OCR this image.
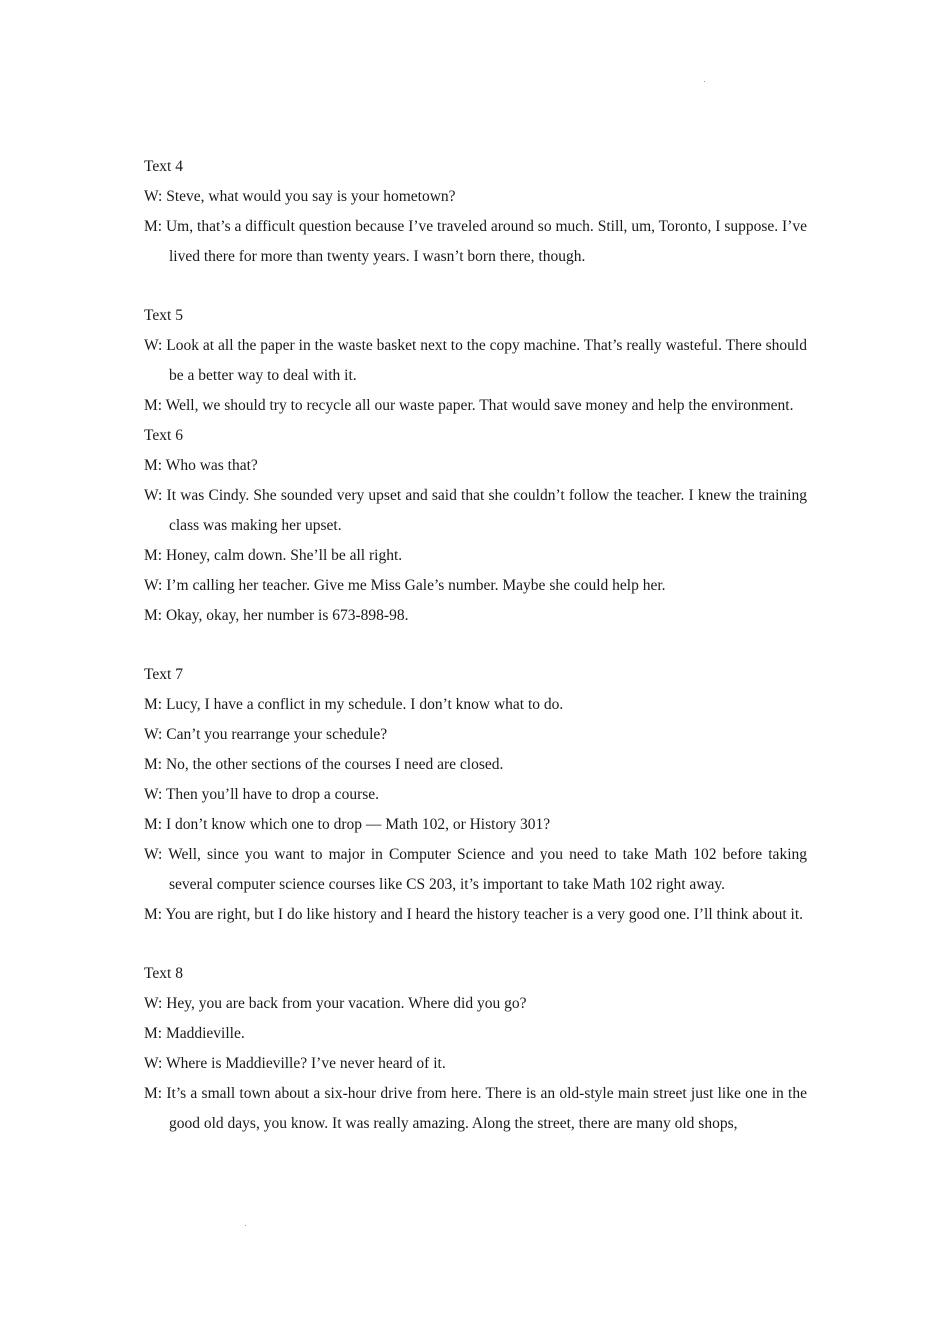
Text 4
W: Steve, what would you say is your hometown?
M: Um, that’s a difficult question because I’ve traveled around so much. Still, um, Toronto, I suppose. I’ve lived there for more than twenty years. I wasn’t born there, though.
Text 5
W: Look at all the paper in the waste basket next to the copy machine. That’s really wasteful. There should be a better way to deal with it.
M: Well, we should try to recycle all our waste paper. That would save money and help the environment.
Text 6
M: Who was that?
W: It was Cindy. She sounded very upset and said that she couldn’t follow the teacher. I knew the training class was making her upset.
M: Honey, calm down. She’ll be all right.
W: I’m calling her teacher. Give me Miss Gale’s number. Maybe she could help her.
M: Okay, okay, her number is 673-898-98.
Text 7
M: Lucy, I have a conflict in my schedule. I don’t know what to do.
W: Can’t you rearrange your schedule?
M: No, the other sections of the courses I need are closed.
W: Then you’ll have to drop a course.
M: I don’t know which one to drop — Math 102, or History 301?
W: Well, since you want to major in Computer Science and you need to take Math 102 before taking several computer science courses like CS 203, it’s important to take Math 102 right away.
M: You are right, but I do like history and I heard the history teacher is a very good one. I’ll think about it.
Text 8
W: Hey, you are back from your vacation. Where did you go?
M: Maddieville.
W: Where is Maddieville? I’ve never heard of it.
M: It’s a small town about a six-hour drive from here. There is an old-style main street just like one in the good old days, you know. It was really amazing. Along the street, there are many old shops,
